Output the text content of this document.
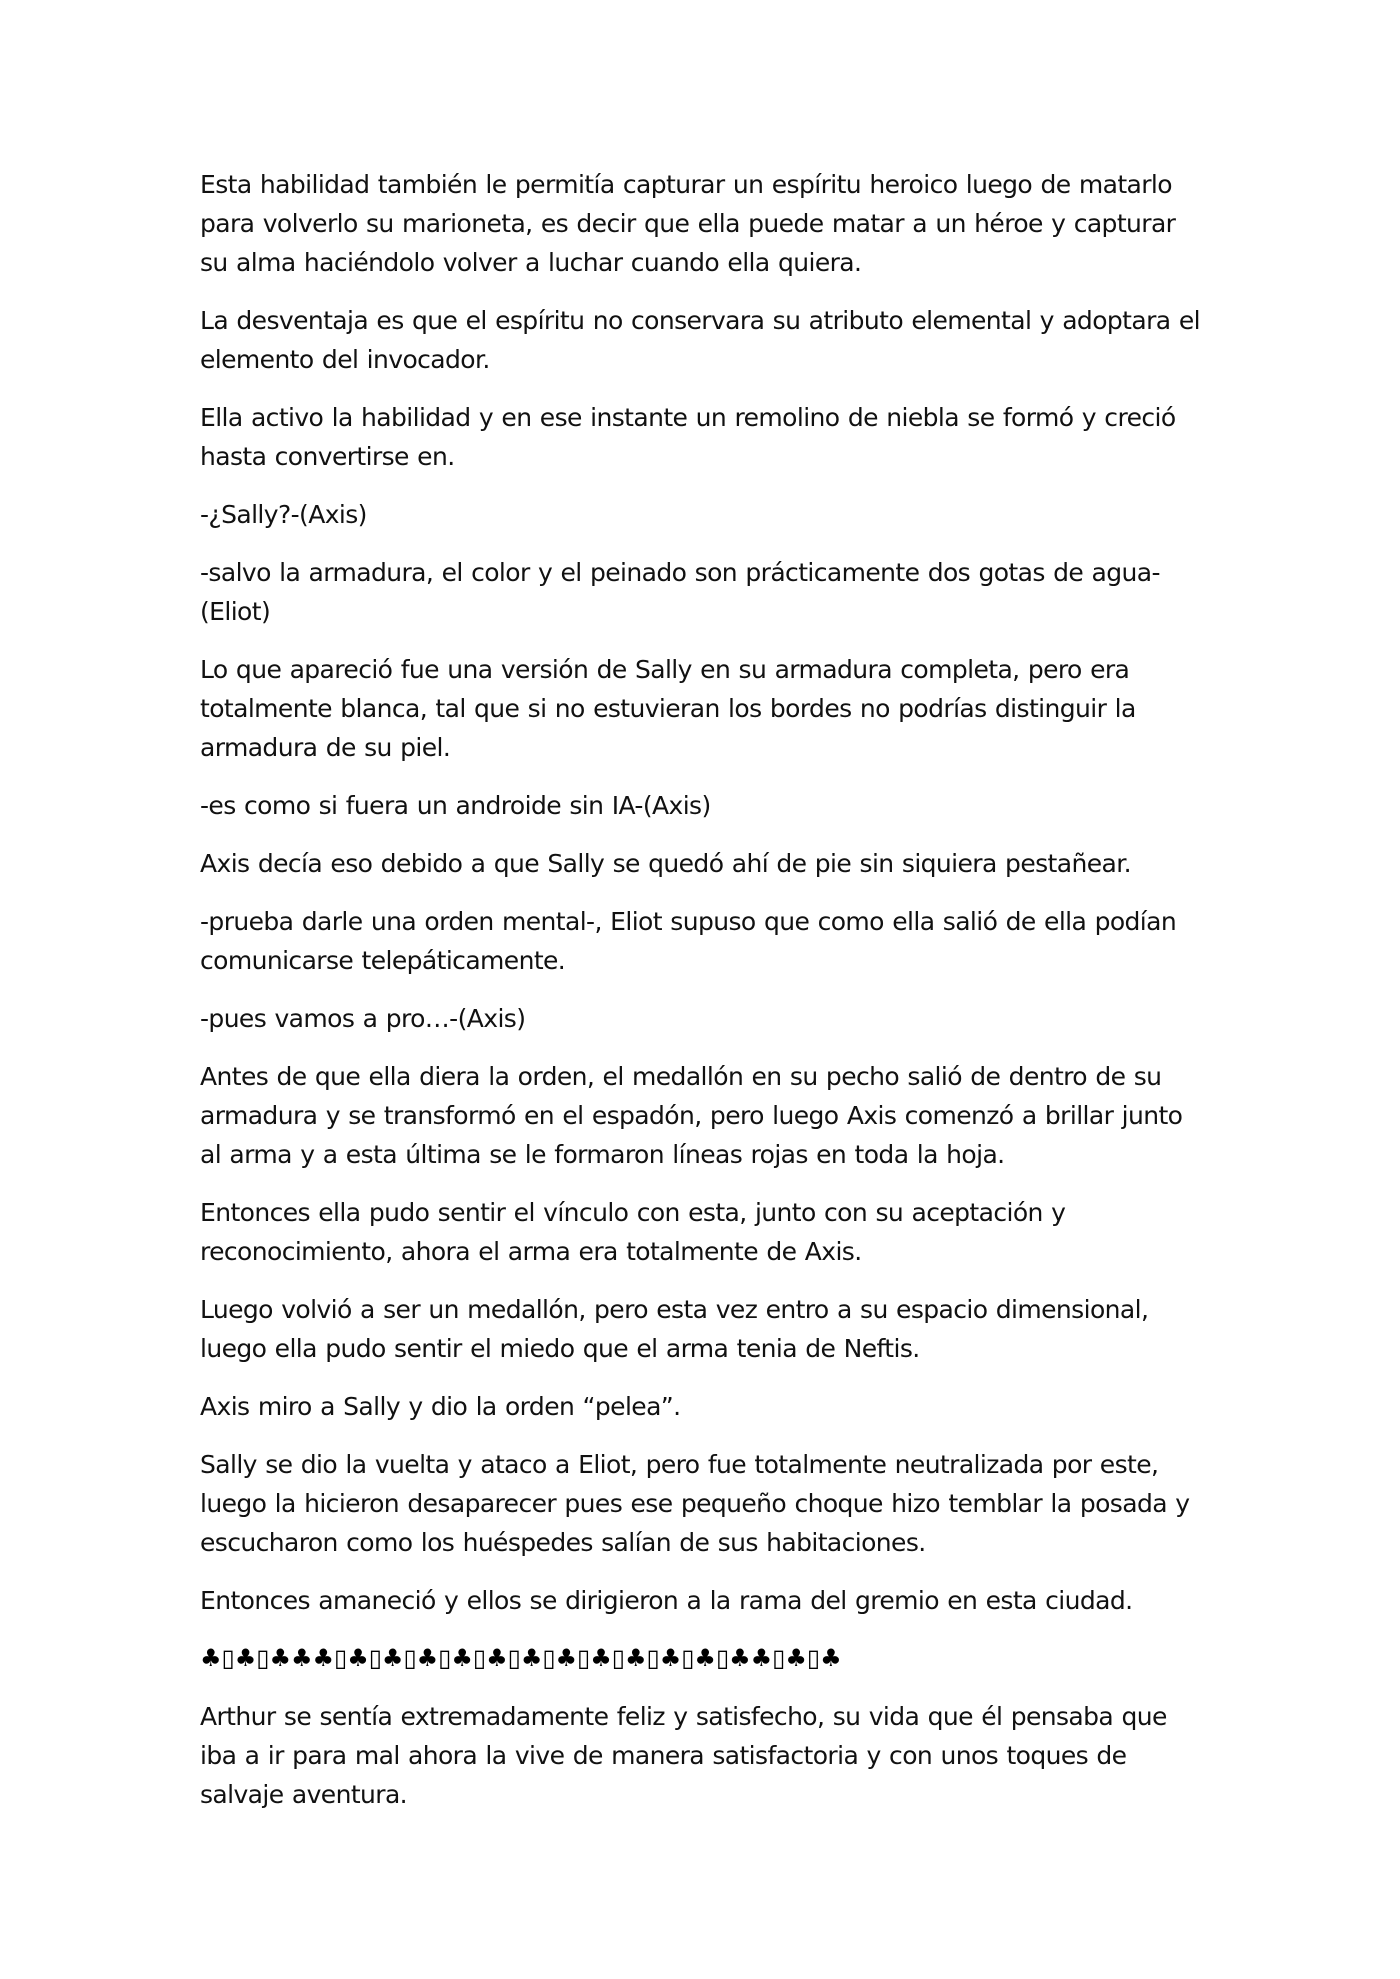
Esta habilidad también le permitía capturar un espíritu heroico luego de matarlo para volverlo su marioneta, es decir que ella puede matar a un héroe y capturar su alma haciéndolo volver a luchar cuando ella quiera.

La desventaja es que el espíritu no conservara su atributo elemental y adoptara el elemento del invocador.

Ella activo la habilidad y en ese instante un remolino de niebla se formó y creció hasta convertirse en.

-¿Sally?-(Axis)

-salvo la armadura, el color y el peinado son prácticamente dos gotas de agua-(Eliot)

Lo que apareció fue una versión de Sally en su armadura completa, pero era totalmente blanca, tal que si no estuvieran los bordes no podrías distinguir la armadura de su piel.

-es como si fuera un androide sin IA-(Axis)

Axis decía eso debido a que Sally se quedó ahí de pie sin siquiera pestañear.

-prueba darle una orden mental-, Eliot supuso que como ella salió de ella podían comunicarse telepáticamente.

-pues vamos a pro…-(Axis)

Antes de que ella diera la orden, el medallón en su pecho salió de dentro de su armadura y se transformó en el espadón, pero luego Axis comenzó a brillar junto al arma y a esta última se le formaron líneas rojas en toda la hoja.

Entonces ella pudo sentir el vínculo con esta, junto con su aceptación y reconocimiento, ahora el arma era totalmente de Axis.

Luego volvió a ser un medallón, pero esta vez entro a su espacio dimensional, luego ella pudo sentir el miedo que el arma tenia de Neftis.

Axis miro a Sally y dio la orden “pelea”.

Sally se dio la vuelta y ataco a Eliot, pero fue totalmente neutralizada por este, luego la hicieron desaparecer pues ese pequeño choque hizo temblar la posada y escucharon como los huéspedes salían de sus habitaciones.

Entonces amaneció y ellos se dirigieron a la rama del gremio en esta ciudad.

♣▯♣▯♣♣♣▯♣▯♣▯♣▯♣▯♣▯♣▯♣▯♣▯♣▯♣▯♣▯♣♣▯♣▯♣

Arthur se sentía extremadamente feliz y satisfecho, su vida que él pensaba que iba a ir para mal ahora la vive de manera satisfactoria y con unos toques de salvaje aventura.
